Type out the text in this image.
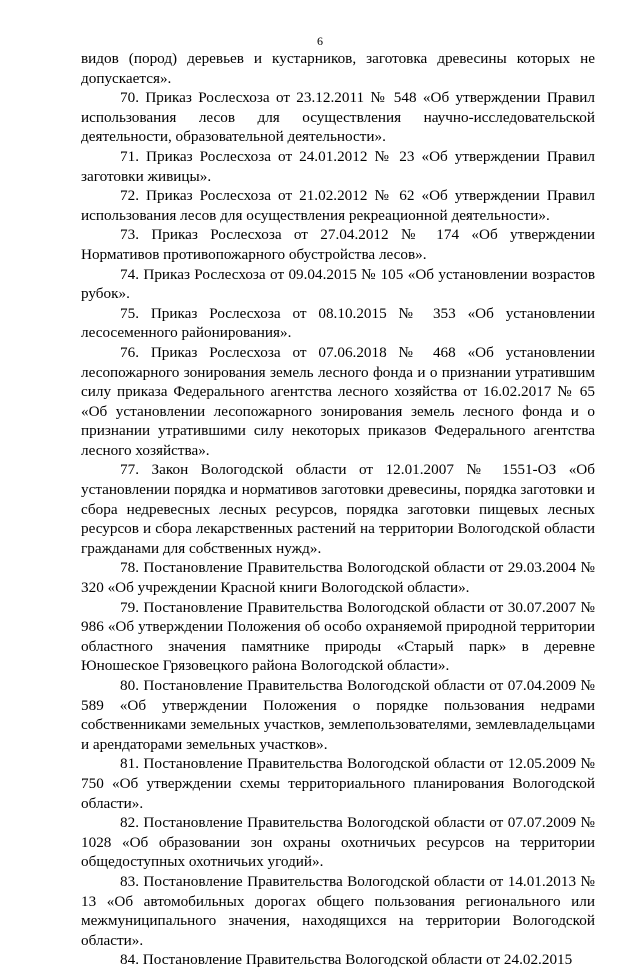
6

видов (пород) деревьев и кустарников, заготовка древесины которых не допускается».

70. Приказ Рослесхоза от 23.12.2011 № 548 «Об утверждении Правил использования лесов для осуществления научно-исследовательской деятельности, образовательной деятельности».

71. Приказ Рослесхоза от 24.01.2012 № 23 «Об утверждении Правил заготовки живицы».

72. Приказ Рослесхоза от 21.02.2012 № 62 «Об утверждении Правил использования лесов для осуществления рекреационной деятельности».

73. Приказ Рослесхоза от 27.04.2012 № 174 «Об утверждении Нормативов противопожарного обустройства лесов».

74. Приказ Рослесхоза от 09.04.2015 № 105 «Об установлении возрастов рубок».

75. Приказ Рослесхоза от 08.10.2015 № 353 «Об установлении лесосеменного районирования».

76. Приказ Рослесхоза от 07.06.2018 № 468 «Об установлении лесопожарного зонирования земель лесного фонда и о признании утратившим силу приказа Федерального агентства лесного хозяйства от 16.02.2017 № 65 «Об установлении лесопожарного зонирования земель лесного фонда и о признании утратившими силу некоторых приказов Федерального агентства лесного хозяйства».

77. Закон Вологодской области от 12.01.2007 № 1551-ОЗ «Об установлении порядка и нормативов заготовки древесины, порядка заготовки и сбора недревесных лесных ресурсов, порядка заготовки пищевых лесных ресурсов и сбора лекарственных растений на территории Вологодской области гражданами для собственных нужд».

78. Постановление Правительства Вологодской области от 29.03.2004 № 320 «Об учреждении Красной книги Вологодской области».

79. Постановление Правительства Вологодской области от 30.07.2007 № 986 «Об утверждении Положения об особо охраняемой природной территории областного значения памятнике природы «Старый парк» в деревне Юношеское Грязовецкого района Вологодской области».

80. Постановление Правительства Вологодской области от 07.04.2009 № 589 «Об утверждении Положения о порядке пользования недрами собственниками земельных участков, землепользователями, землевладельцами и арендаторами земельных участков».

81. Постановление Правительства Вологодской области от 12.05.2009 № 750 «Об утверждении схемы территориального планирования Вологодской области».

82. Постановление Правительства Вологодской области от 07.07.2009 № 1028 «Об образовании зон охраны охотничьих ресурсов на территории общедоступных охотничьих угодий».

83. Постановление Правительства Вологодской области от 14.01.2013 № 13 «Об автомобильных дорогах общего пользования регионального или межмуниципального значения, находящихся на территории Вологодской области».

84. Постановление Правительства Вологодской области от 24.02.2015
